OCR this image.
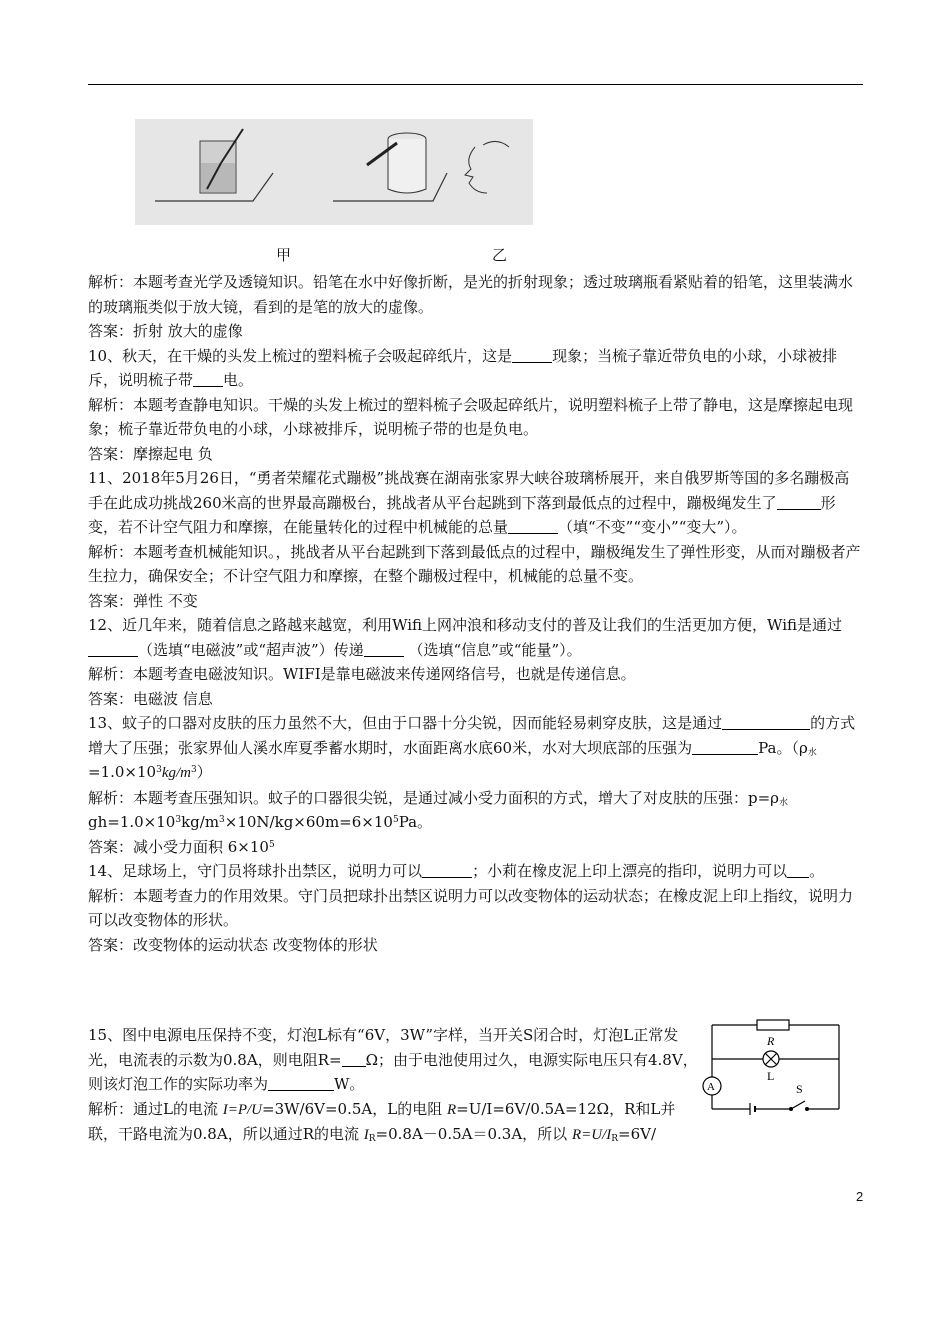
甲	乙

解析：本题考查光学及透镜知识。铅笔在水中好像折断，是光的折射现象；透过玻璃瓶看紧贴着的铅笔，这里装满水的玻璃瓶类似于放大镜，看到的是笔的放大的虚像。

答案：折射 放大的虚像

10、秋天，在干燥的头发上梳过的塑料梳子会吸起碎纸片，这是	现象；当梳子靠近带负电的小球，小球被排斥，说明梳子带 电。

解析：本题考查静电知识。干燥的头发上梳过的塑料梳子会吸起碎纸片，说明塑料梳子上带了静电，这是摩擦起电现象；梳子靠近带负电的小球，小球被排斥，说明梳子带的也是负电。

答案：摩擦起电 负

11、2018年5月26日，“勇者荣耀花式蹦极”挑战赛在湖南张家界大峡谷玻璃桥展开，来自俄罗斯等国的多名蹦极高手在此成功挑战260米高的世界最高蹦极台，挑战者从平台起跳到下落到最低点的过程中，蹦极绳发生了	形变，若不计空气阻力和摩擦，在能量转化的过程中机械能的总量	（填“不变”“变小”“变大”）。

解析：本题考查机械能知识。，挑战者从平台起跳到下落到最低点的过程中，蹦极绳发生了弹性形变，从而对蹦极者产生拉力，确保安全；不计空气阻力和摩擦，在整个蹦极过程中，机械能的总量不变。

答案：弹性 不变

12、近几年来，随着信息之路越来越宽，利用Wifi上网冲浪和移动支付的普及让我们的生活更加方便，Wifi是通过 （选填“电磁波”或“超声波”）传递	（选填“信息”或“能量”）。

解析：本题考查电磁波知识。WIFI是靠电磁波来传递网络信号，也就是传递信息。

答案：电磁波 信息

13、蚊子的口器对皮肤的压力虽然不大，但由于口器十分尖锐，因而能轻易刺穿皮肤，这是通过	的方式增大了压强；张家界仙人溪水库夏季蓄水期时，水面距离水底60米，水对大坝底部的压强为	Pa。$(\rho_水=1.0\times 10^3kg/m^3)$

解析：本题考查压强知识。蚊子的口器很尖锐，是通过减小受力面积的方式，增大了对皮肤的压强：$p=\rho_水gh=1.0\times 10^3kg/m^3\times 10N/kg\times 60m=6\times 10^5Pa$。

答案：减小受力面积 $6\times 10^5$

14、足球场上，守门员将球扑出禁区，说明力可以	；小莉在橡皮泥上印上漂亮的指印，说明力可以 。

解析：本题考查力的作用效果。守门员把球扑出禁区说明力可以改变物体的运动状态；在橡皮泥上印上指纹，说明力可以改变物体的形状。

答案：改变物体的运动状态 改变物体的形状

15、图中电源电压保持不变，灯泡L标有“6V，3W”字样，当开关S闭合时，灯泡L正常发光，电流表的示数为0.8A，则电阻R= Ω；由于电池使用过久，电源实际电压只有4.8V，则该灯泡工作的实际功率为	W。

解析：通过L的电流 I=P/U=3W/6V=0.5A，L的电阻 R=U/I=6V/0.5A=12Ω，R和L并联，干路电流为0.8A，所以通过R的电流 $I_R=0.8A-0.5A=0.3A$，所以 $R=U/I_R=6V/$

R
L
A	S
2
